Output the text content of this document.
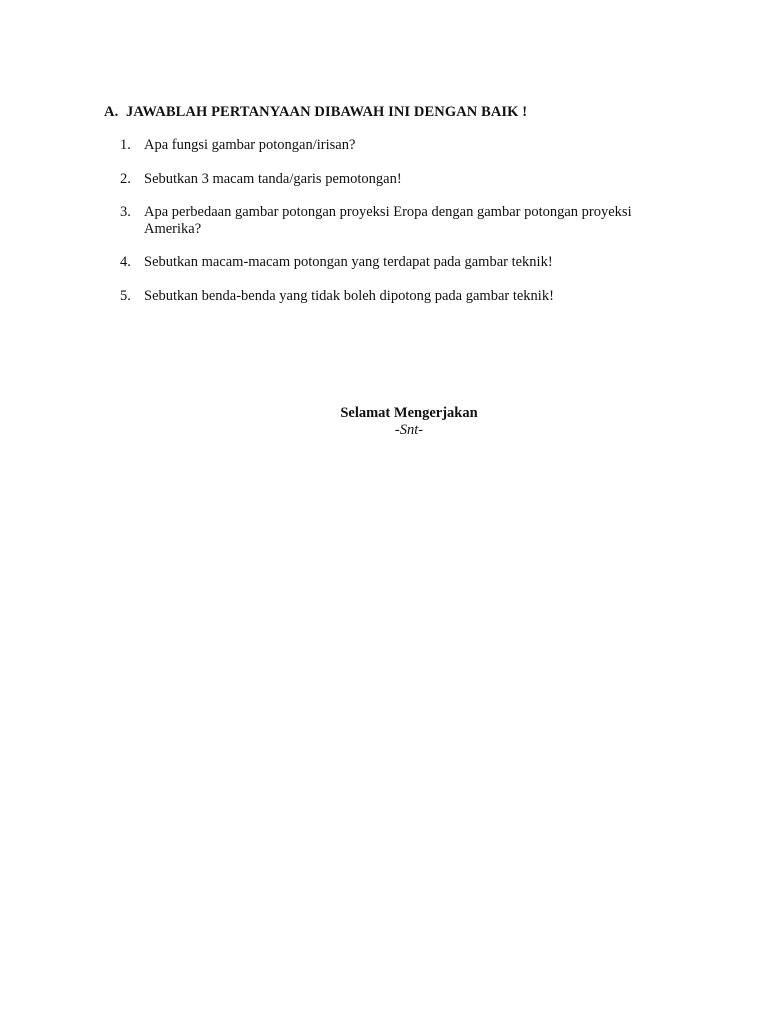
A. JAWABLAH PERTANYAAN DIBAWAH INI DENGAN BAIK !
1. Apa fungsi gambar potongan/irisan?
2. Sebutkan 3 macam tanda/garis pemotongan!
3. Apa perbedaan gambar potongan proyeksi Eropa dengan gambar potongan proyeksi Amerika?
4. Sebutkan macam-macam potongan yang terdapat pada gambar teknik!
5. Sebutkan benda-benda yang tidak boleh dipotong pada gambar teknik!
Selamat Mengerjakan
-Snt-
